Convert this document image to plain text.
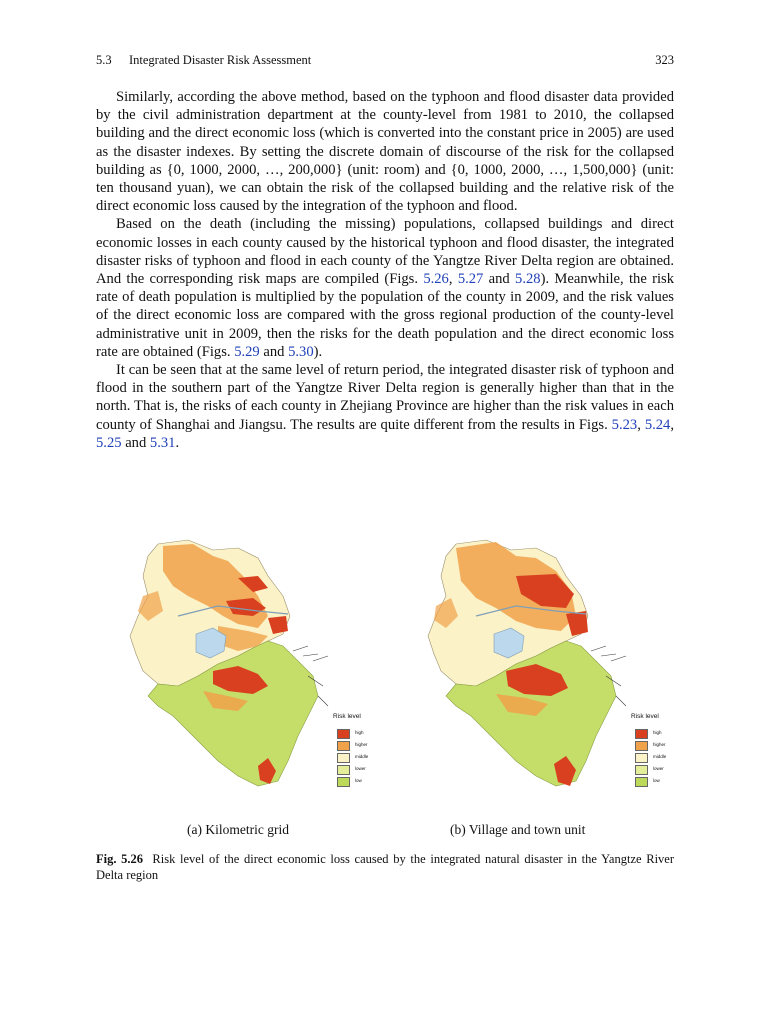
5.3 Integrated Disaster Risk Assessment	323

Similarly, according the above method, based on the typhoon and flood disaster data provided by the civil administration department at the county-level from 1981 to 2010, the collapsed building and the direct economic loss (which is converted into the constant price in 2005) are used as the disaster indexes. By setting the discrete domain of discourse of the risk for the collapsed building as {0, 1000, 2000, …, 200,000} (unit: room) and {0, 1000, 2000, …, 1,500,000} (unit: ten thousand yuan), we can obtain the risk of the collapsed building and the relative risk of the direct economic loss caused by the integration of the typhoon and flood.

Based on the death (including the missing) populations, collapsed buildings and direct economic losses in each county caused by the historical typhoon and flood disaster, the integrated disaster risks of typhoon and flood in each county of the Yangtze River Delta region are obtained. And the corresponding risk maps are compiled (Figs. 5.26, 5.27 and 5.28). Meanwhile, the risk rate of death population is multiplied by the population of the county in 2009, and the risk values of the direct economic loss are compared with the gross regional production of the county-level administrative unit in 2009, then the risks for the death population and the direct economic loss rate are obtained (Figs. 5.29 and 5.30).

It can be seen that at the same level of return period, the integrated disaster risk of typhoon and flood in the southern part of the Yangtze River Delta region is generally higher than that in the north. That is, the risks of each county in Zhejiang Province are higher than the risk values in each county of Shanghai and Jiangsu. The results are quite different from the results in Figs. 5.23, 5.24, 5.25 and 5.31.

Risk level
high
higher
middle
lower
low
Risk level
high
higher
middle
lower
low
(a) Kilometric grid	(b) Village and town unit
Fig. 5.26 Risk level of the direct economic loss caused by the integrated natural disaster in the Yangtze River Delta region
